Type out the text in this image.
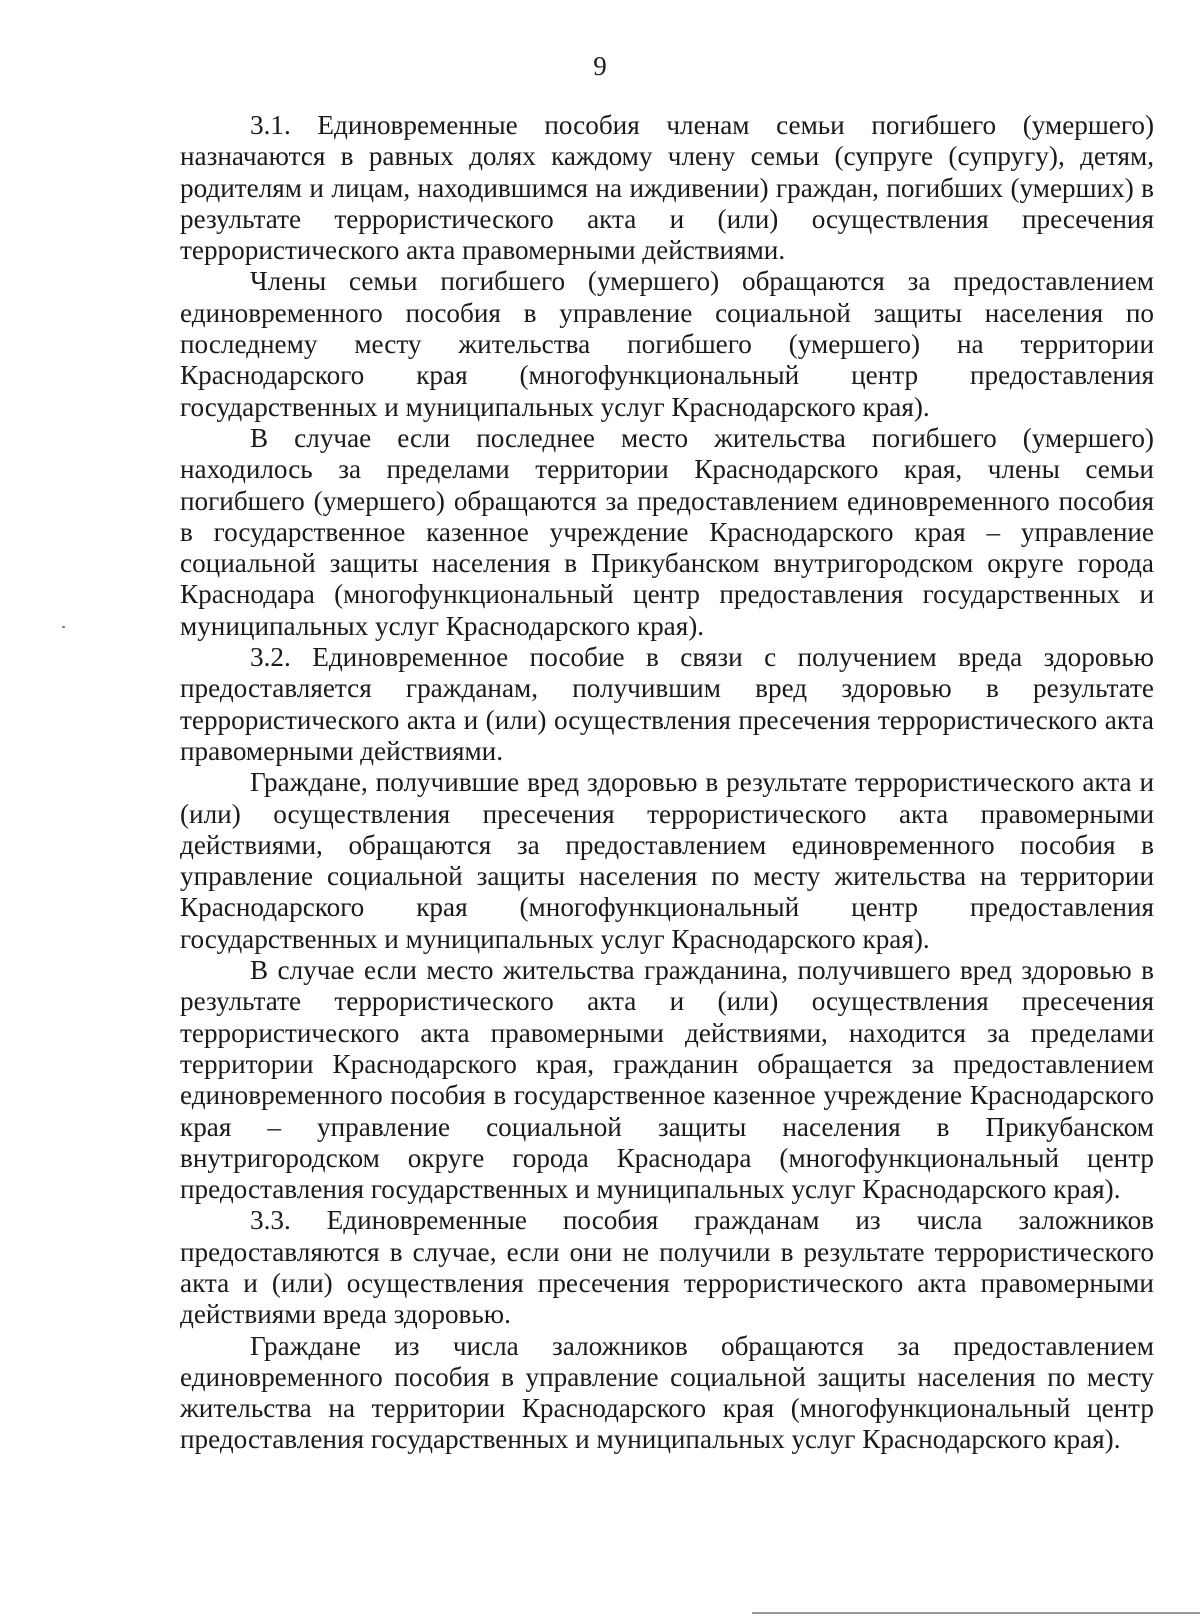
9

3.1. Единовременные пособия членам семьи погибшего (умершего) назначаются в равных долях каждому члену семьи (супруге (супругу), детям, родителям и лицам, находившимся на иждивении) граждан, погибших (умерших) в результате террористического акта и (или) осуществления пресечения террористического акта правомерными действиями.

Члены семьи погибшего (умершего) обращаются за предоставлением единовременного пособия в управление социальной защиты населения по последнему месту жительства погибшего (умершего) на территории Краснодарского края (многофункциональный центр предоставления государственных и муниципальных услуг Краснодарского края).

В случае если последнее место жительства погибшего (умершего) находилось за пределами территории Краснодарского края, члены семьи погибшего (умершего) обращаются за предоставлением единовременного пособия в государственное казенное учреждение Краснодарского края – управление социальной защиты населения в Прикубанском внутригородском округе города Краснодара (многофункциональный центр предоставления государственных и муниципальных услуг Краснодарского края).

3.2. Единовременное пособие в связи с получением вреда здоровью предоставляется гражданам, получившим вред здоровью в результате террористического акта и (или) осуществления пресечения террористического акта правомерными действиями.

Граждане, получившие вред здоровью в результате террористического акта и (или) осуществления пресечения террористического акта правомерными действиями, обращаются за предоставлением единовременного пособия в управление социальной защиты населения по месту жительства на территории Краснодарского края (многофункциональный центр предоставления государственных и муниципальных услуг Краснодарского края).

В случае если место жительства гражданина, получившего вред здоровью в результате террористического акта и (или) осуществления пресечения террористического акта правомерными действиями, находится за пределами территории Краснодарского края, гражданин обращается за предоставлением единовременного пособия в государственное казенное учреждение Краснодарского края – управление социальной защиты населения в Прикубанском внутригородском округе города Краснодара (многофункциональный центр предоставления государственных и муниципальных услуг Краснодарского края).

3.3. Единовременные пособия гражданам из числа заложников предоставляются в случае, если они не получили в результате террористического акта и (или) осуществления пресечения террористического акта правомерными действиями вреда здоровью.

Граждане из числа заложников обращаются за предоставлением единовременного пособия в управление социальной защиты населения по месту жительства на территории Краснодарского края (многофункциональный центр предоставления государственных и муниципальных услуг Краснодарского края).
